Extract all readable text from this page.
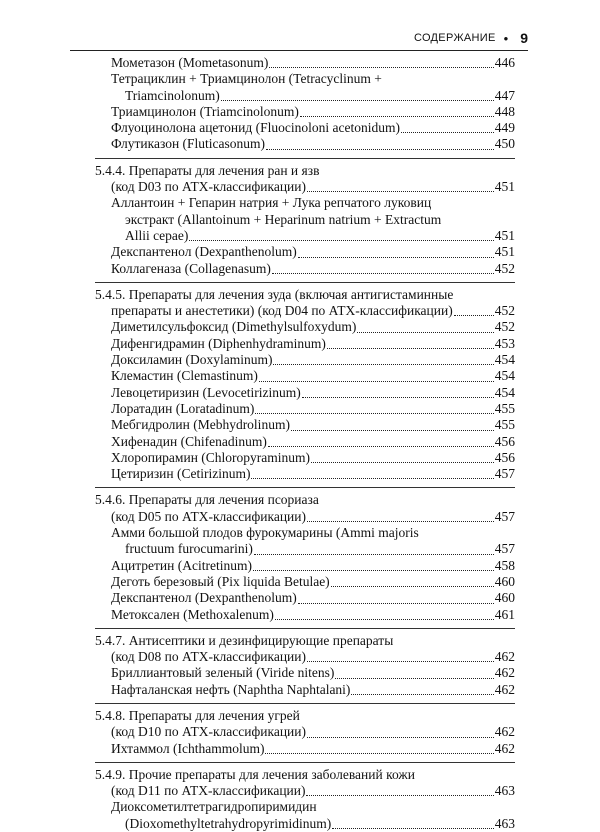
СОДЕРЖАНИЕ • 9
Мометазон (Mometasonum)	446
Тетрациклин + Триамцинолон (Tetracyclinum +
Triamcinolonum)	447
Триамцинолон (Triamcinolonum)	448
Флуоцинолона ацетонид (Fluocinoloni acetonidum)	449
Флутиказон (Fluticasonum)	450
5.4.4. Препараты для лечения ран и язв
(код D03 по АТХ-классификации)	451
Аллантоин + Гепарин натрия + Лука репчатого луковиц
экстракт (Allantoinum + Heparinum natrium + Extractum
Allii cepae)	451
Декспантенол (Dexpanthenolum)	451
Коллагеназа (Collagenasum)	452
5.4.5. Препараты для лечения зуда (включая антигистаминные
препараты и анестетики) (код D04 по АТХ-классификации)	452
Диметилсульфоксид (Dimethylsulfoxydum)	452
Дифенгидрамин (Diphenhydraminum)	453
Доксиламин (Doxylaminum)	454
Клемастин (Clemastinum)	454
Левоцетиризин (Levocetirizinum)	454
Лоратадин (Loratadinum)	455
Мебгидролин (Mebhydrolinum)	455
Хифенадин (Chifenadinum)	456
Хлоропирамин (Chloropyraminum)	456
Цетиризин (Cetirizinum)	457
5.4.6. Препараты для лечения псориаза
(код D05 по АТХ-классификации)	457
Амми большой плодов фурокумарины (Ammi majoris
fructuum furocumarini)	457
Ацитретин (Acitretinum)	458
Деготь березовый (Pix liquida Betulae)	460
Декспантенол (Dexpanthenolum)	460
Метоксален (Methoxalenum)	461
5.4.7. Антисептики и дезинфицирующие препараты
(код D08 по АТХ-классификации)	462
Бриллиантовый зеленый (Viride nitens)	462
Нафталанская нефть (Naphtha Naphtalani)	462
5.4.8. Препараты для лечения угрей
(код D10 по АТХ-классификации)	462
Ихтаммол (Ichthammolum)	462
5.4.9. Прочие препараты для лечения заболеваний кожи
(код D11 по АТХ-классификации)	463
Диоксометилтетрагидропиримидин
(Dioxomethyltetrahydropyrimidinum)	463
